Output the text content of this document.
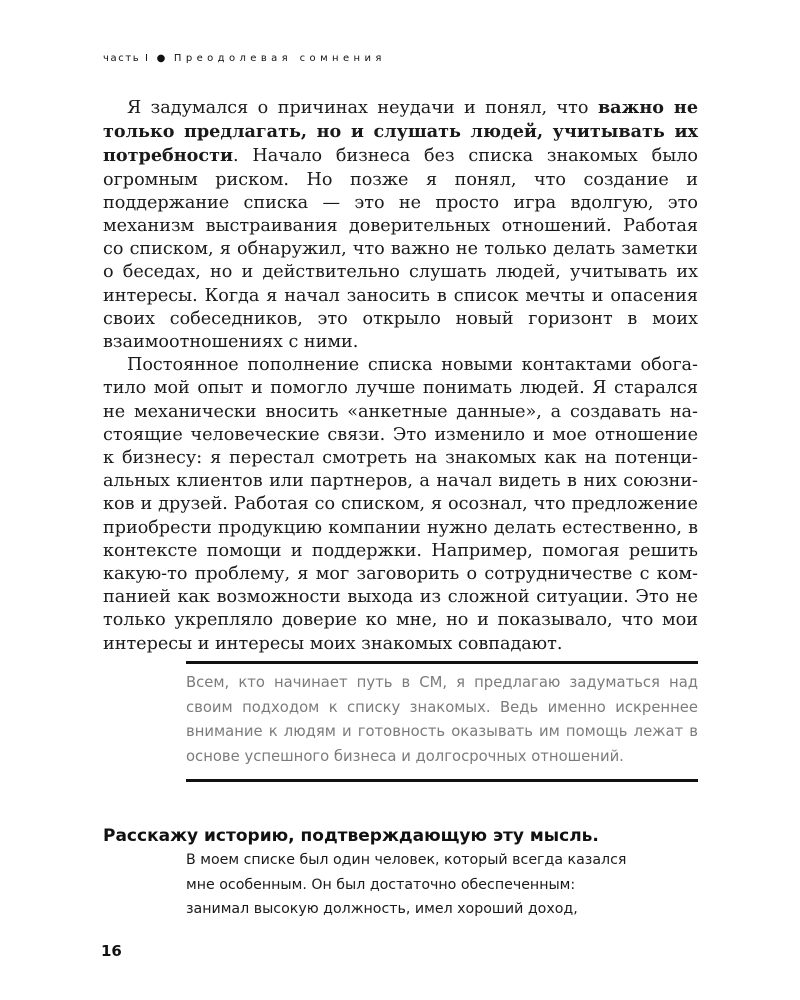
часть I ● Преодолевая сомнения

Я задумался о причинах неудачи и понял, что важно не только предлагать, но и слушать людей, учитывать их потребности. Начало бизнеса без списка знакомых было огромным риском. Но позже я понял, что создание и поддержание списка — это не просто игра вдолгую, это механизм выстраивания доверительных отношений. Работая со списком, я обнаружил, что важно не только делать заметки о беседах, но и действительно слушать людей, учитывать их интересы. Когда я начал заносить в список мечты и опасения своих собеседников, это открыло новый горизонт в моих взаимоотношениях с ними.

Постоянное пополнение списка новыми контактами обогатило мой опыт и помогло лучше понимать людей. Я старался не механически вносить «анкетные данные», а создавать настоящие человеческие связи. Это изменило и мое отношение к бизнесу: я перестал смотреть на знакомых как на потенциальных клиентов или партнеров, а начал видеть в них союзников и друзей. Работая со списком, я осознал, что предложение приобрести продукцию компании нужно делать естественно, в контексте помощи и поддержки. Например, помогая решить какую-то проблему, я мог заговорить о сотрудничестве с компанией как возможности выхода из сложной ситуации. Это не только укрепляло доверие ко мне, но и показывало, что мои интересы и интересы моих знакомых совпадают.

Всем, кто начинает путь в СМ, я предлагаю задуматься над своим подходом к списку знакомых. Ведь именно искреннее внимание к людям и готовность оказывать им помощь лежат в основе успешного бизнеса и долгосрочных отношений.

Расскажу историю, подтверждающую эту мысль.
В моем списке был один человек, который всегда казался
мне особенным. Он был достаточно обеспеченным:
занимал высокую должность, имел хороший доход,
16
